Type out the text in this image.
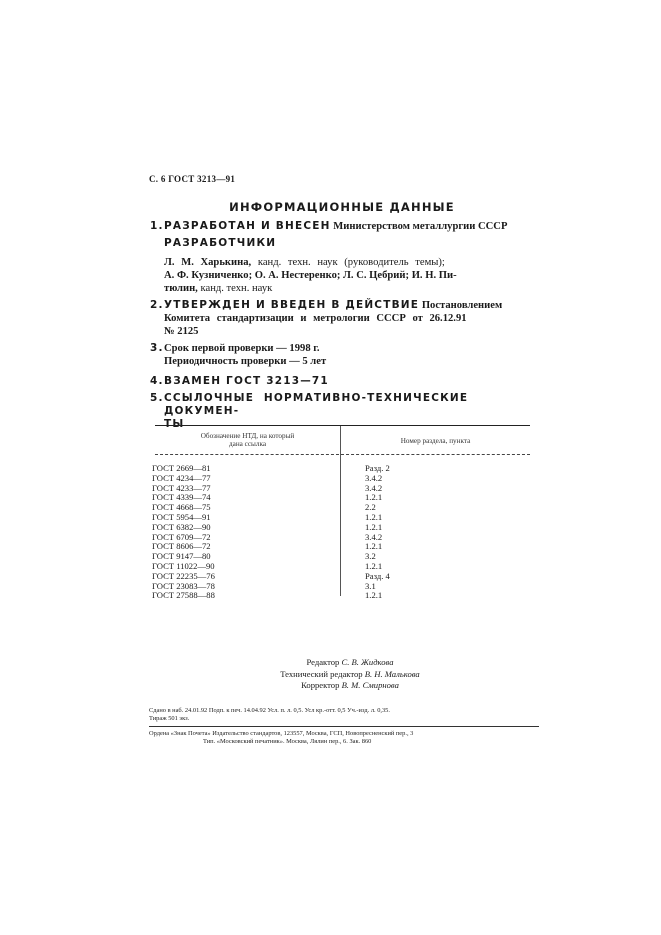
С. 6 ГОСТ 3213—91
ИНФОРМАЦИОННЫЕ ДАННЫЕ
1. РАЗРАБОТАН И ВНЕСЕН Министерством металлургии СССР
РАЗРАБОТЧИКИ
Л. М. Харькина, канд. техн. наук (руководитель темы);
А. Ф. Кузниченко; О. А. Нестеренко; Л. С. Цебрий; И. Н. Пи-
тюлин, канд. техн. наук
2. УТВЕРЖДЕН И ВВЕДЕН В ДЕЙСТВИЕ Постановлением
Комитета стандартизации и метрологии СССР от 26.12.91
№ 2125
3. Срок первой проверки — 1998 г.
Периодичность проверки — 5 лет
4. ВЗАМЕН ГОСТ 3213—71
5. ССЫЛОЧНЫЕ НОРМАТИВНО-ТЕХНИЧЕСКИЕ ДОКУМЕН-
ТЫ
Обозначение НТД, на который
дана ссылка	Номер раздела, пункта
ГОСТ 2669—81	Разд. 2
ГОСТ 4234—77	3.4.2
ГОСТ 4233—77	3.4.2
ГОСТ 4339—74	1.2.1
ГОСТ 4668—75	2.2
ГОСТ 5954—91	1.2.1
ГОСТ 6382—90	1.2.1
ГОСТ 6709—72	3.4.2
ГОСТ 8606—72	1.2.1
ГОСТ 9147—80	3.2
ГОСТ 11022—90	1.2.1
ГОСТ 22235—76	Разд. 4
ГОСТ 23083—78	3.1
ГОСТ 27588—88	1.2.1
Редактор С. В. Жидкова
Технический редактор В. Н. Малькова
Корректор В. М. Смирнова
Сдано в наб. 24.01.92 Подп. к печ. 14.04.92 Усл. п. л. 0,5. Усл кр.-отт. 0,5 Уч.-изд. л. 0,35.
Тираж 501 экз.
Ордена «Знак Почета» Издательство стандартов, 123557, Москва, ГСП, Новопресненский пер., 3
Тип. «Московский печатник». Москва, Лялин пер., 6. Зак. 860
